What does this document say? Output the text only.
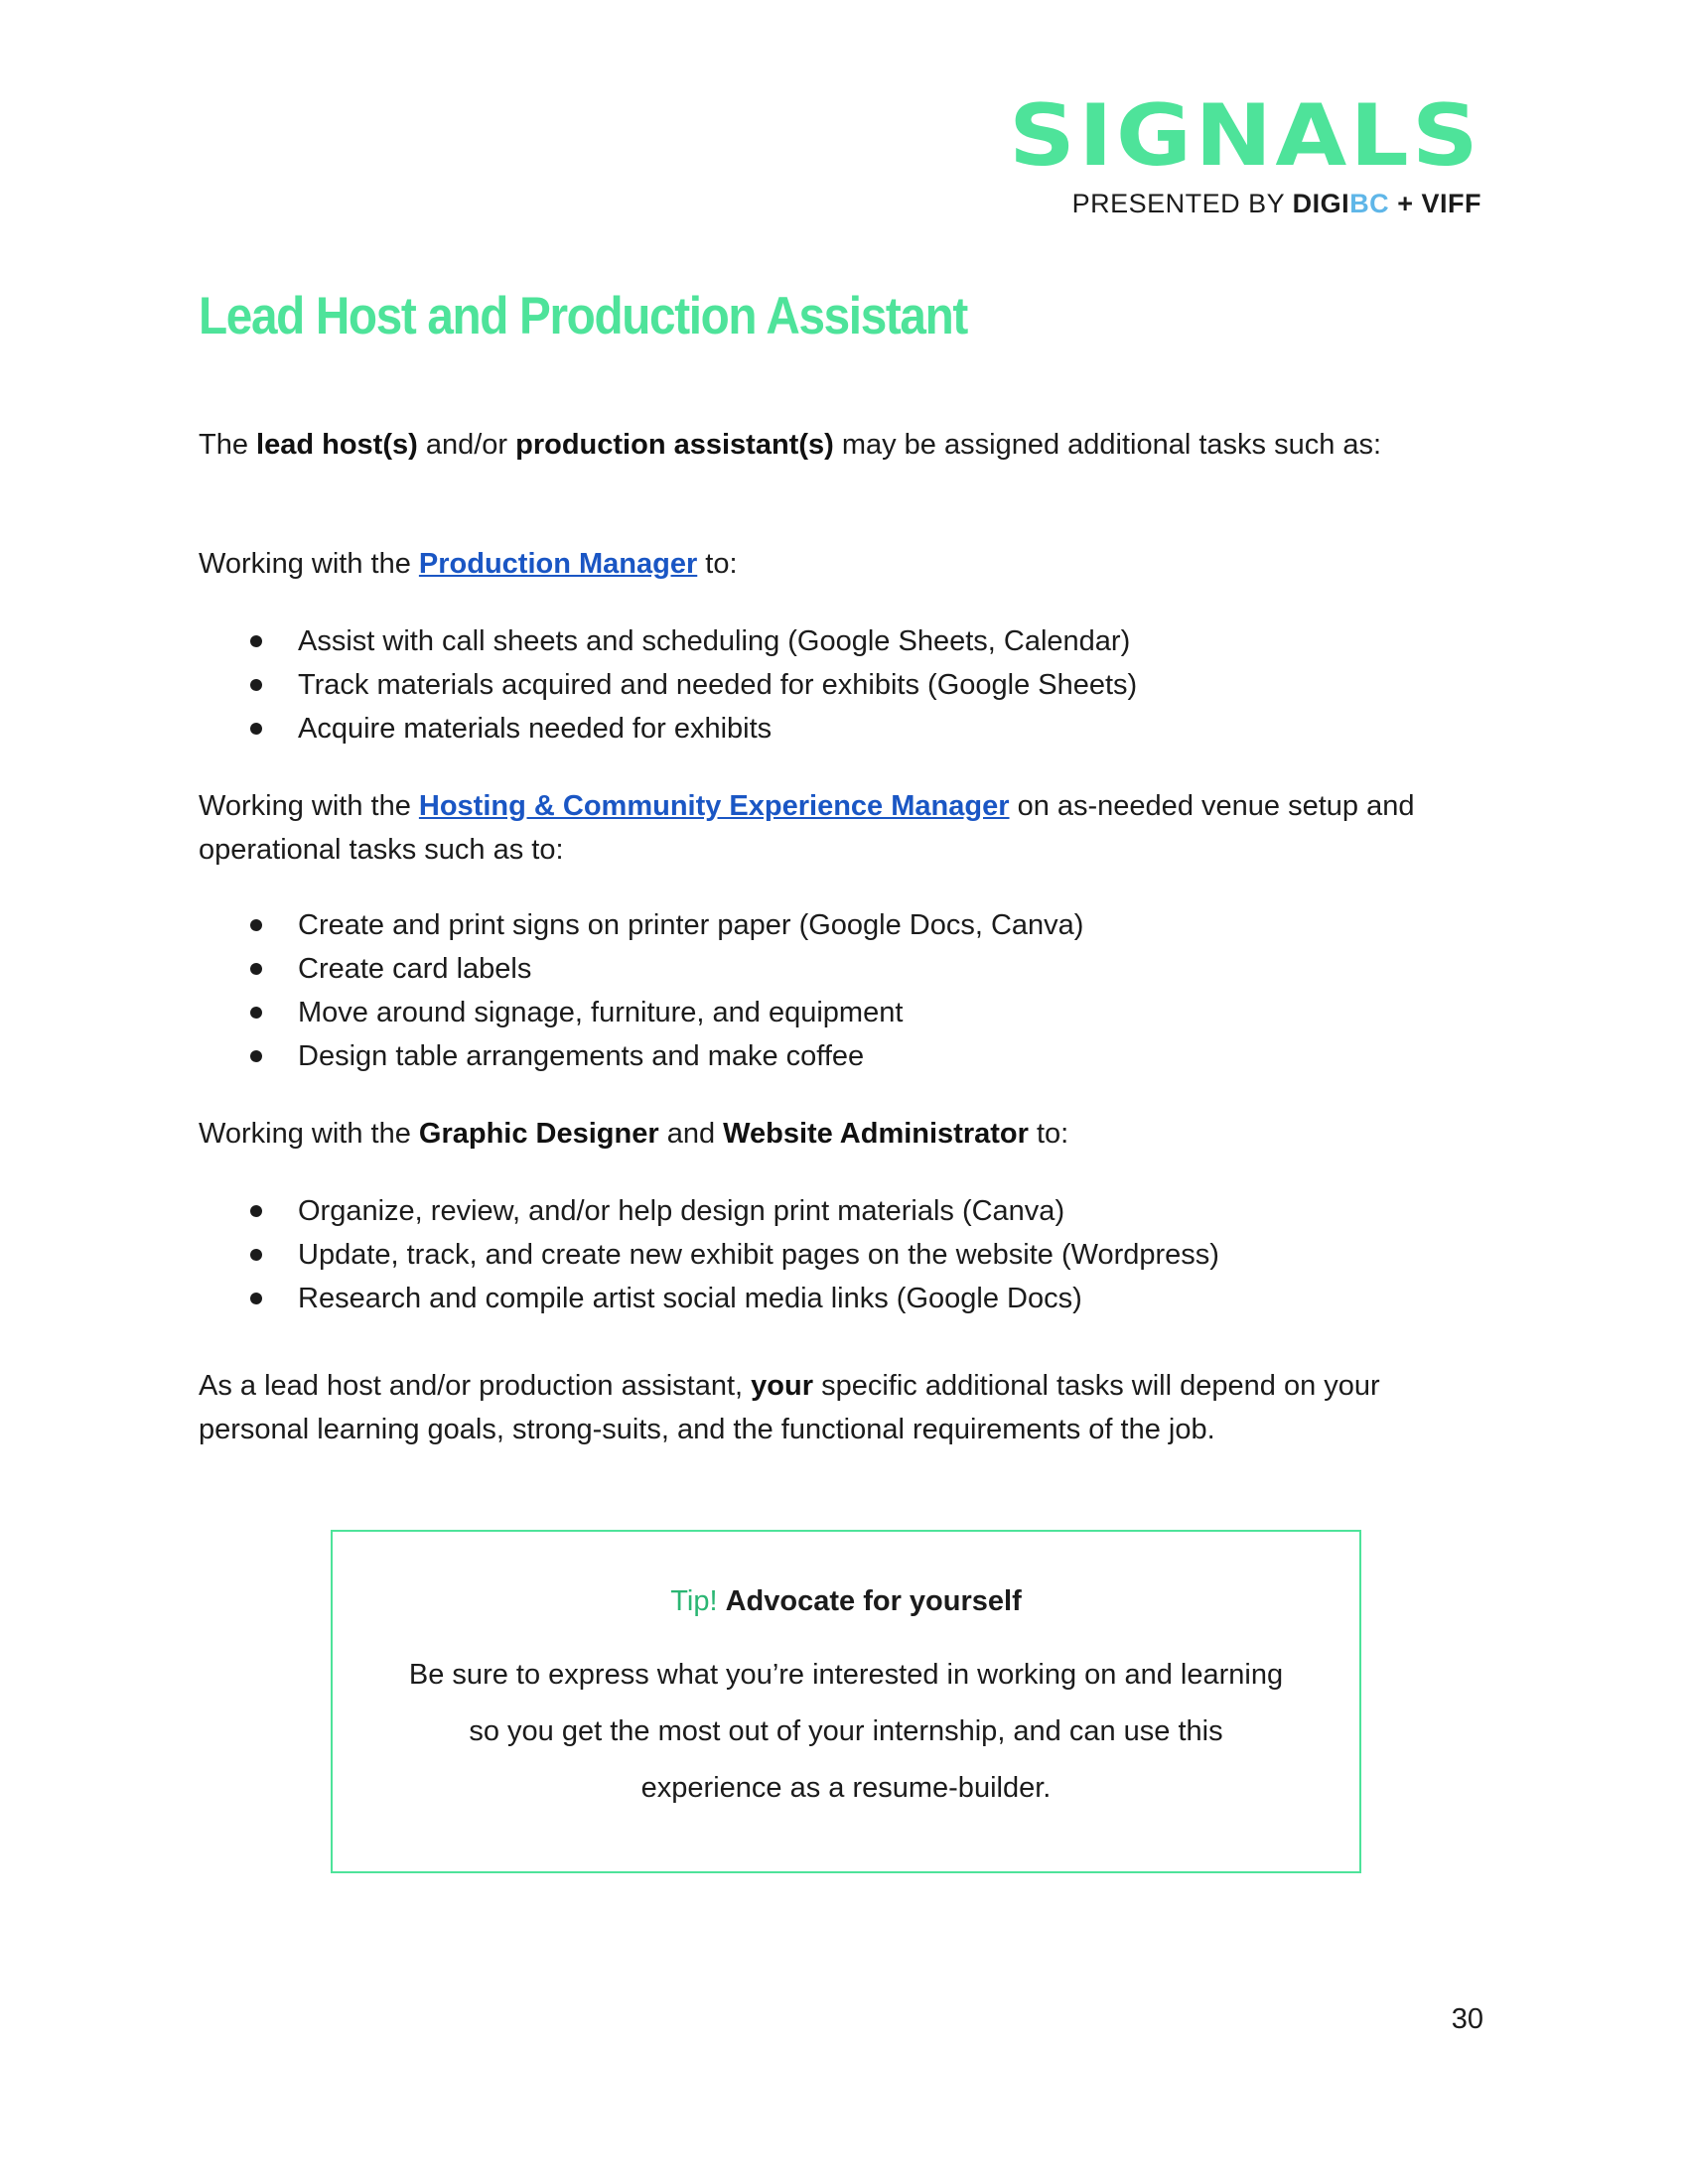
SIGNALS
PRESENTED BY DIGIBC + VIFF
Lead Host and Production Assistant

The lead host(s) and/or production assistant(s) may be assigned additional tasks such as:

Working with the Production Manager to:

Assist with call sheets and scheduling (Google Sheets, Calendar)
Track materials acquired and needed for exhibits (Google Sheets)
Acquire materials needed for exhibits

Working with the Hosting & Community Experience Manager on as-needed venue setup and operational tasks such as to:

Create and print signs on printer paper (Google Docs, Canva)
Create card labels
Move around signage, furniture, and equipment
Design table arrangements and make coffee

Working with the Graphic Designer and Website Administrator to:

Organize, review, and/or help design print materials (Canva)
Update, track, and create new exhibit pages on the website (Wordpress)
Research and compile artist social media links (Google Docs)

As a lead host and/or production assistant, your specific additional tasks will depend on your personal learning goals, strong-suits, and the functional requirements of the job.

Tip! Advocate for yourself
Be sure to express what you’re interested in working on and learning so you get the most out of your internship, and can use this experience as a resume-builder.
30
